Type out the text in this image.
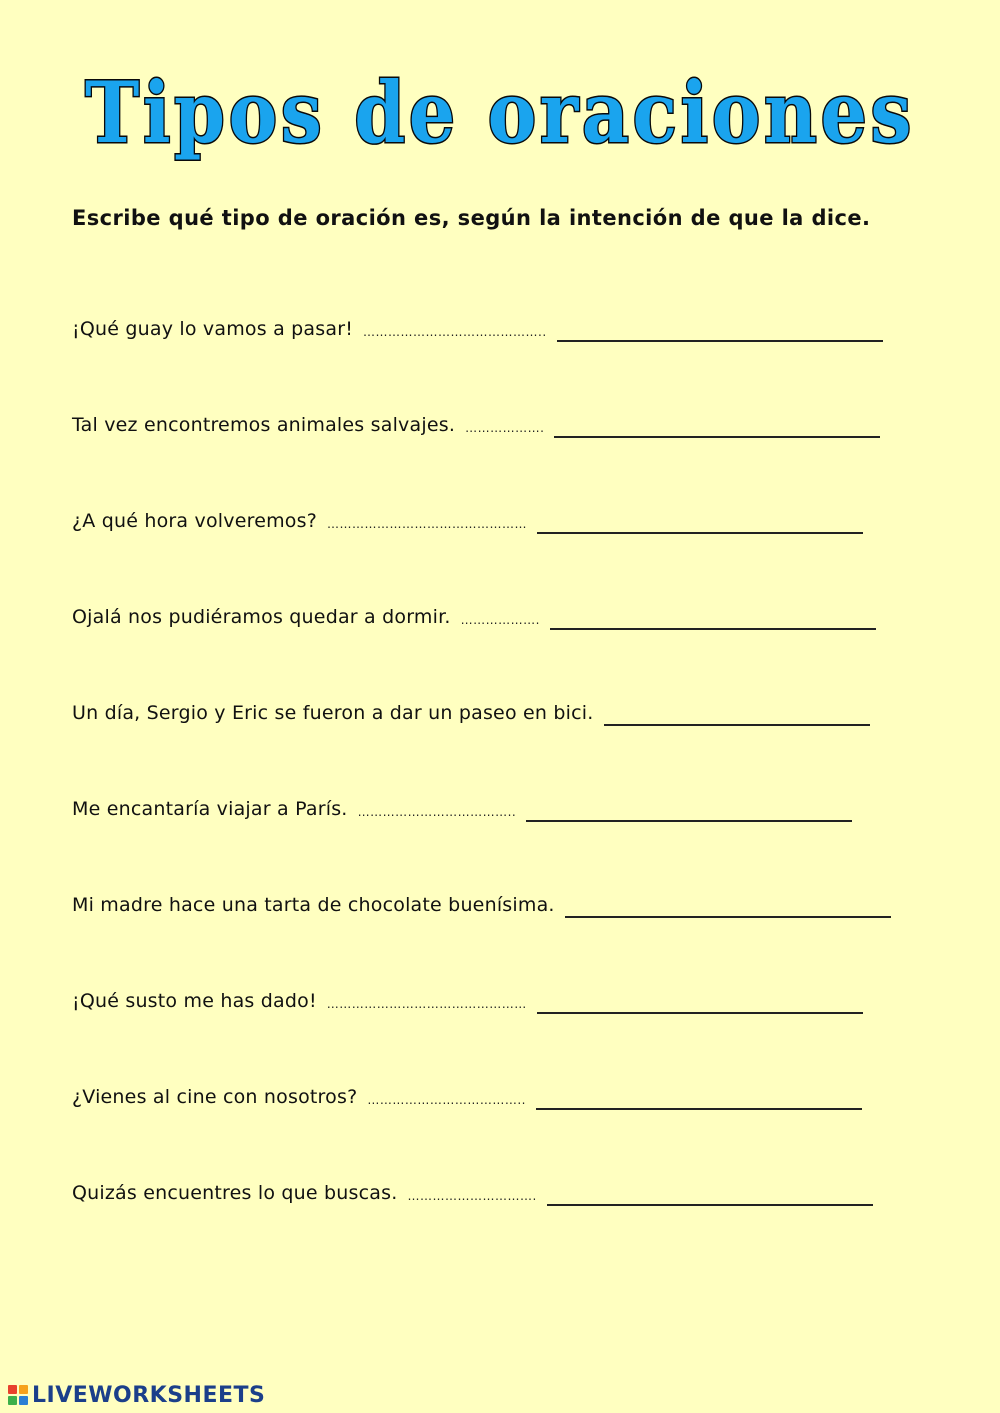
Tipos de oraciones
Escribe qué tipo de oración es, según la intención de que la dice.
¡Qué guay lo vamos a pasar! ……………………………………..
Tal vez encontremos animales salvajes. ……………….
¿A qué hora volveremos? …………………………………………
Ojalá nos pudiéramos quedar a dormir. ……………….
Un día, Sergio y Eric se fueron a dar un paseo en bici.
Me encantaría viajar a París. ………………………………..
Mi madre hace una tarta de chocolate buenísima.
¡Qué susto me has dado! …………………………………………
¿Vienes al cine con nosotros? ………………………………..
Quizás encuentres lo que buscas. ………………………….
LIVEWORKSHEETS
